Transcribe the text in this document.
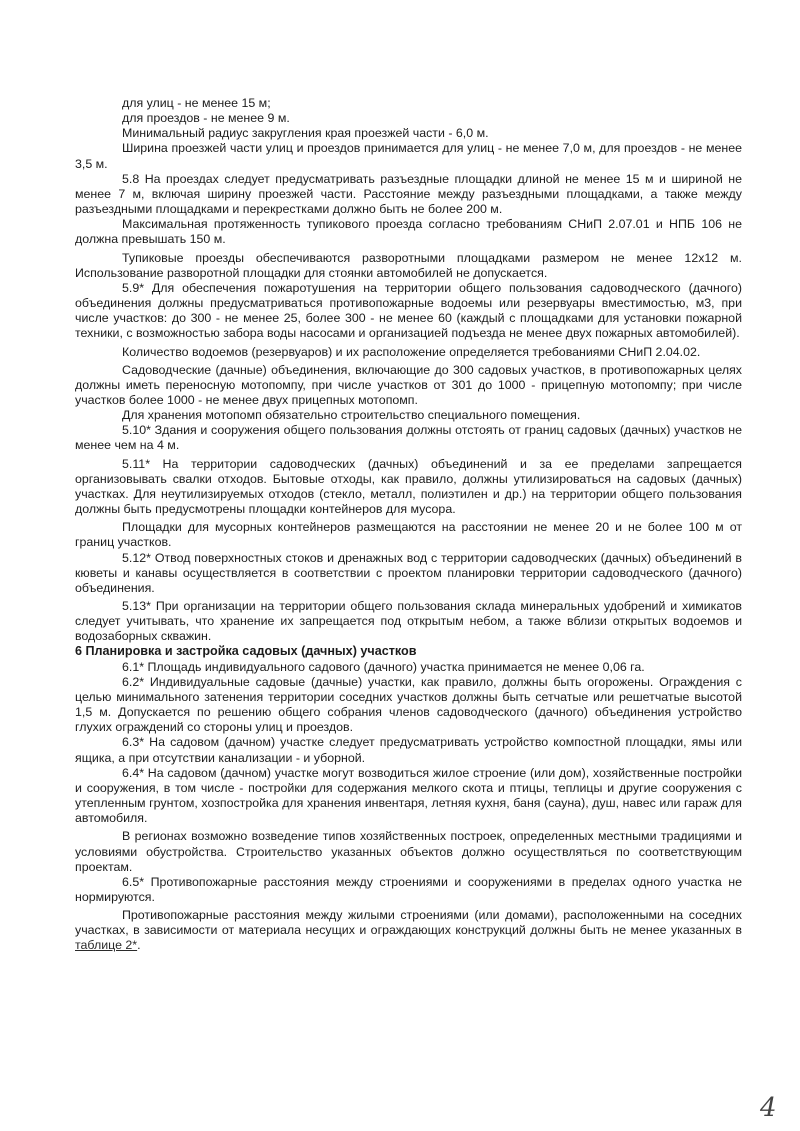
для улиц - не менее 15 м;

для проездов - не менее 9 м.

Минимальный радиус закругления края проезжей части - 6,0 м.

Ширина проезжей части улиц и проездов принимается для улиц - не менее 7,0 м, для проездов - не менее 3,5 м.

5.8 На проездах следует предусматривать разъездные площадки длиной не менее 15 м и шириной не менее 7 м, включая ширину проезжей части. Расстояние между разъездными площадками, а также между разъездными площадками и перекрестками должно быть не более 200 м.

Максимальная протяженность тупикового проезда согласно требованиям СНиП 2.07.01 и НПБ 106 не должна превышать 150 м.

Тупиковые проезды обеспечиваются разворотными площадками размером не менее 12х12 м. Использование разворотной площадки для стоянки автомобилей не допускается.

5.9* Для обеспечения пожаротушения на территории общего пользования садоводческого (дачного) объединения должны предусматриваться противопожарные водоемы или резервуары вместимостью, м3, при числе участков: до 300 - не менее 25, более 300 - не менее 60 (каждый с площадками для установки пожарной техники, с возможностью забора воды насосами и организацией подъезда не менее двух пожарных автомобилей).

Количество водоемов (резервуаров) и их расположение определяется требованиями СНиП 2.04.02.

Садоводческие (дачные) объединения, включающие до 300 садовых участков, в противопожарных целях должны иметь переносную мотопомпу, при числе участков от 301 до 1000 - прицепную мотопомпу; при числе участков более 1000 - не менее двух прицепных мотопомп.

Для хранения мотопомп обязательно строительство специального помещения.

5.10* Здания и сооружения общего пользования должны отстоять от границ садовых (дачных) участков не менее чем на 4 м.

5.11* На территории садоводческих (дачных) объединений и за ее пределами запрещается организовывать свалки отходов. Бытовые отходы, как правило, должны утилизироваться на садовых (дачных) участках. Для неутилизируемых отходов (стекло, металл, полиэтилен и др.) на территории общего пользования должны быть предусмотрены площадки контейнеров для мусора.

Площадки для мусорных контейнеров размещаются на расстоянии не менее 20 и не более 100 м от границ участков.

5.12* Отвод поверхностных стоков и дренажных вод с территории садоводческих (дачных) объединений в кюветы и канавы осуществляется в соответствии с проектом планировки территории садоводческого (дачного) объединения.

5.13* При организации на территории общего пользования склада минеральных удобрений и химикатов следует учитывать, что хранение их запрещается под открытым небом, а также вблизи открытых водоемов и водозаборных скважин.

6 Планировка и застройка садовых (дачных) участков

6.1* Площадь индивидуального садового (дачного) участка принимается не менее 0,06 га.

6.2* Индивидуальные садовые (дачные) участки, как правило, должны быть огорожены. Ограждения с целью минимального затенения территории соседних участков должны быть сетчатые или решетчатые высотой 1,5 м. Допускается по решению общего собрания членов садоводческого (дачного) объединения устройство глухих ограждений со стороны улиц и проездов.

6.3* На садовом (дачном) участке следует предусматривать устройство компостной площадки, ямы или ящика, а при отсутствии канализации - и уборной.

6.4* На садовом (дачном) участке могут возводиться жилое строение (или дом), хозяйственные постройки и сооружения, в том числе - постройки для содержания мелкого скота и птицы, теплицы и другие сооружения с утепленным грунтом, хозпостройка для хранения инвентаря, летняя кухня, баня (сауна), душ, навес или гараж для автомобиля.

В регионах возможно возведение типов хозяйственных построек, определенных местными традициями и условиями обустройства. Строительство указанных объектов должно осуществляться по соответствующим проектам.

6.5* Противопожарные расстояния между строениями и сооружениями в пределах одного участка не нормируются.

Противопожарные расстояния между жилыми строениями (или домами), расположенными на соседних участках, в зависимости от материала несущих и ограждающих конструкций должны быть не менее указанных в таблице 2*.

4
